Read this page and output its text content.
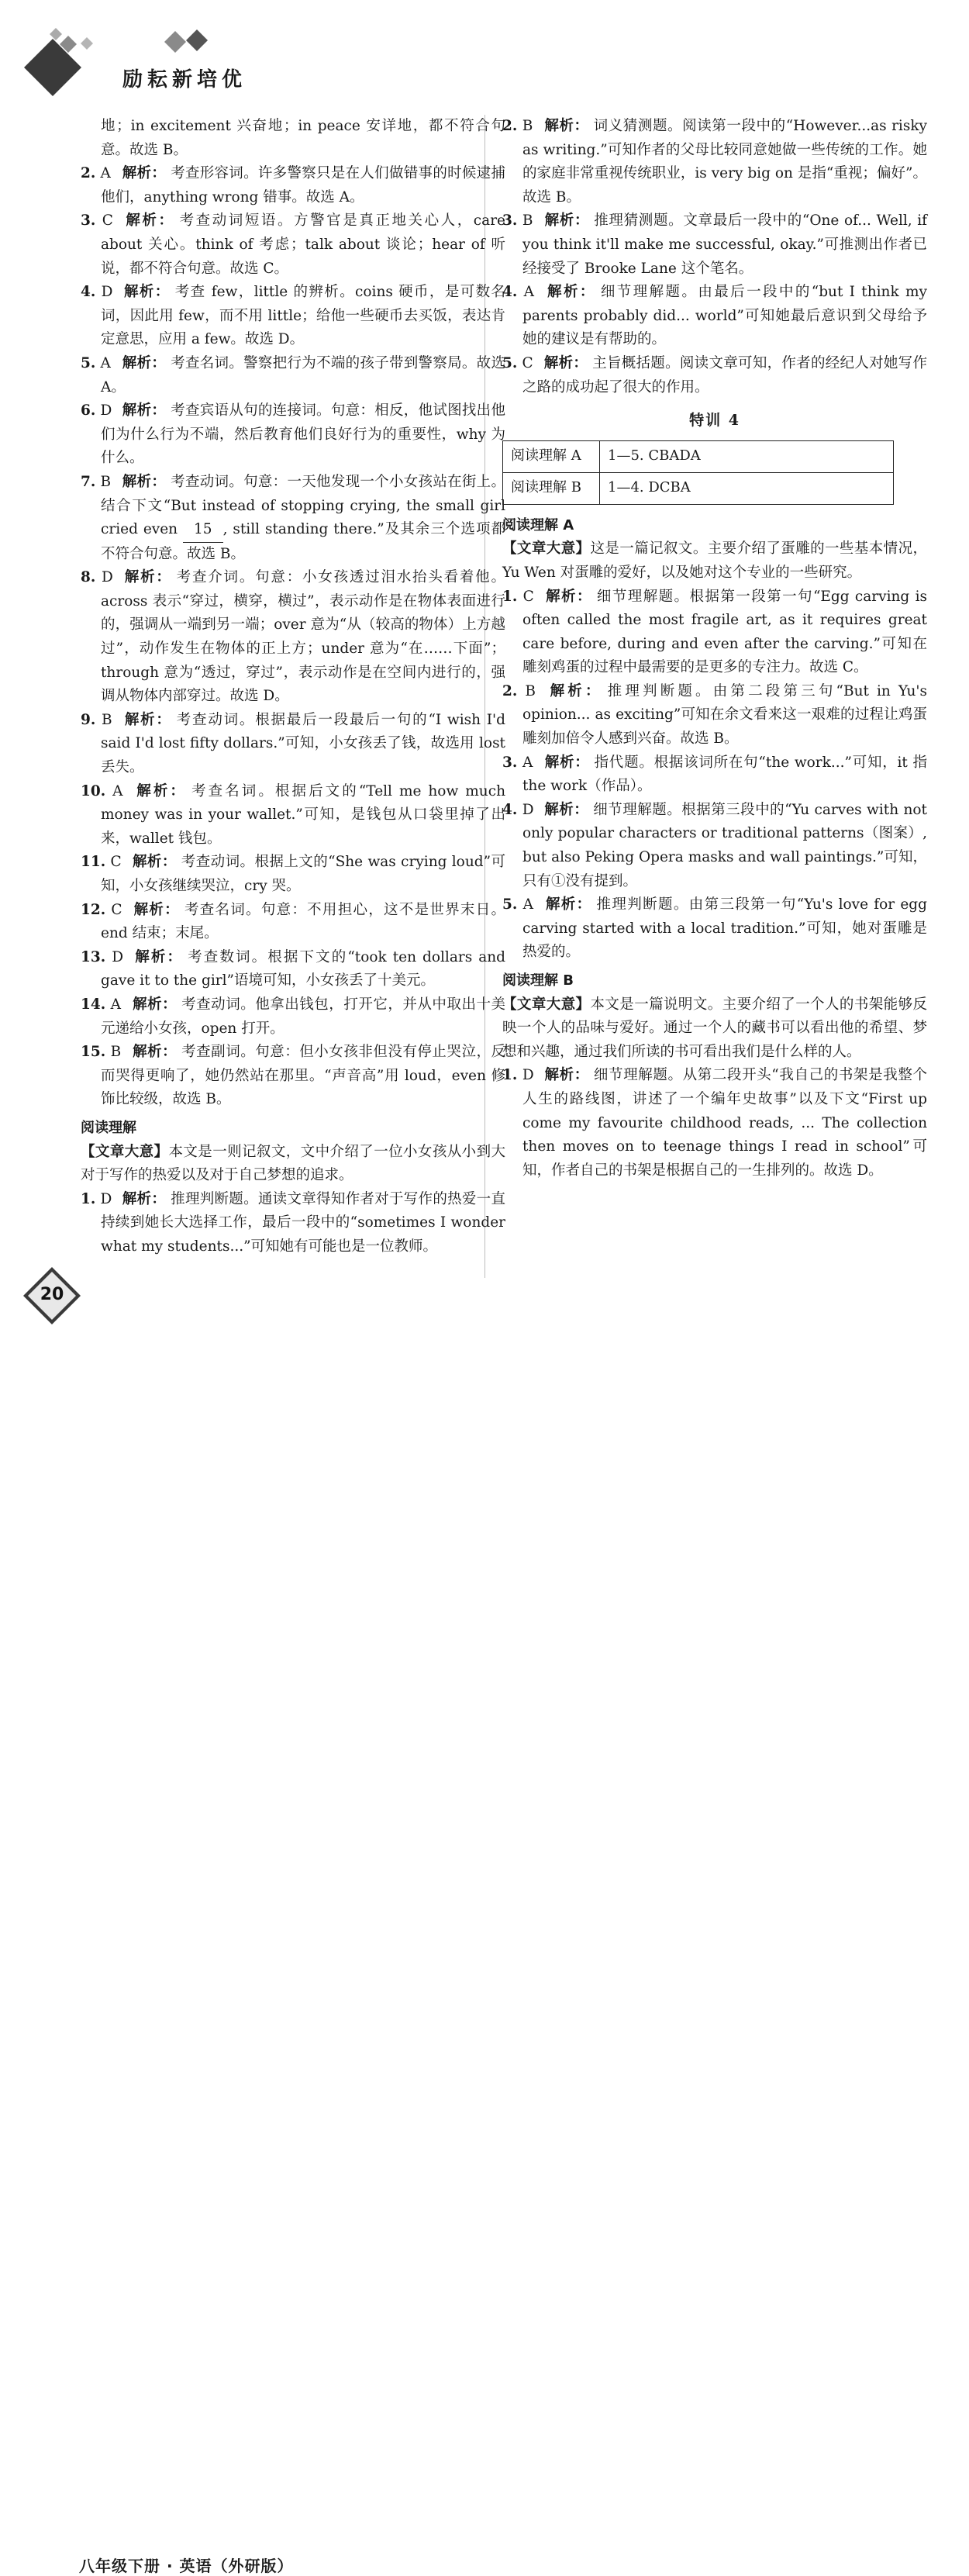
励耘新培优

地；in excitement 兴奋地；in peace 安详地，都不符合句意。故选 B。

2. A 解析： 考查形容词。许多警察只是在人们做错事的时候逮捕他们，anything wrong 错事。故选 A。

3. C 解析： 考查动词短语。方警官是真正地关心人，care about 关心。think of 考虑；talk about 谈论；hear of 听说，都不符合句意。故选 C。

4. D 解析： 考查 few，little 的辨析。coins 硬币，是可数名词，因此用 few，而不用 little；给他一些硬币去买饭，表达肯定意思，应用 a few。故选 D。

5. A 解析： 考查名词。警察把行为不端的孩子带到警察局。故选 A。

6. D 解析： 考查宾语从句的连接词。句意：相反，他试图找出他们为什么行为不端，然后教育他们良好行为的重要性，why 为什么。

7. B 解析： 考查动词。句意：一天他发现一个小女孩站在街上。结合下文“But instead of stopping crying, the small girl cried even 15 , still standing there.”及其余三个选项都不符合句意。故选 B。

8. D 解析： 考查介词。句意：小女孩透过泪水抬头看着他。across 表示“穿过，横穿，横过”，表示动作是在物体表面进行的，强调从一端到另一端；over 意为“从（较高的物体）上方越过”，动作发生在物体的正上方；under 意为“在……下面”；through 意为“透过，穿过”，表示动作是在空间内进行的，强调从物体内部穿过。故选 D。

9. B 解析： 考查动词。根据最后一段最后一句的“I wish I'd said I'd lost fifty dollars.”可知，小女孩丢了钱，故选用 lost 丢失。

10. A 解析： 考查名词。根据后文的“Tell me how much money was in your wallet.”可知，是钱包从口袋里掉了出来，wallet 钱包。

11. C 解析： 考查动词。根据上文的“She was crying loud”可知，小女孩继续哭泣，cry 哭。

12. C 解析： 考查名词。句意：不用担心，这不是世界末日。end 结束；末尾。

13. D 解析： 考查数词。根据下文的“took ten dollars and gave it to the girl”语境可知，小女孩丢了十美元。

14. A 解析： 考查动词。他拿出钱包，打开它，并从中取出十美元递给小女孩，open 打开。

15. B 解析： 考查副词。句意：但小女孩非但没有停止哭泣，反而哭得更响了，她仍然站在那里。“声音高”用 loud，even 修饰比较级，故选 B。

阅读理解

【文章大意】本文是一则记叙文，文中介绍了一位小女孩从小到大对于写作的热爱以及对于自己梦想的追求。

1. D 解析： 推理判断题。通读文章得知作者对于写作的热爱一直持续到她长大选择工作，最后一段中的“sometimes I wonder what my students...”可知她有可能也是一位教师。

2. B 解析： 词义猜测题。阅读第一段中的“However...as risky as writing.”可知作者的父母比较同意她做一些传统的工作。她的家庭非常重视传统职业，is very big on 是指“重视；偏好”。故选 B。

3. B 解析： 推理猜测题。文章最后一段中的“One of... Well, if you think it'll make me successful, okay.”可推测出作者已经接受了 Brooke Lane 这个笔名。

4. A 解析： 细节理解题。由最后一段中的“but I think my parents probably did... world”可知她最后意识到父母给予她的建议是有帮助的。

5. C 解析： 主旨概括题。阅读文章可知，作者的经纪人对她写作之路的成功起了很大的作用。

特训 4
阅读理解 A	1—5. CBADA
阅读理解 B	1—4. DCBA
阅读理解 A

【文章大意】这是一篇记叙文。主要介绍了蛋雕的一些基本情况，Yu Wen 对蛋雕的爱好，以及她对这个专业的一些研究。

1. C 解析： 细节理解题。根据第一段第一句“Egg carving is often called the most fragile art, as it requires great care before, during and even after the carving.”可知在雕刻鸡蛋的过程中最需要的是更多的专注力。故选 C。

2. B 解析： 推理判断题。由第二段第三句“But in Yu's opinion... as exciting”可知在余文看来这一艰难的过程让鸡蛋雕刻加倍令人感到兴奋。故选 B。

3. A 解析： 指代题。根据该词所在句“the work...”可知，it 指 the work（作品）。

4. D 解析： 细节理解题。根据第三段中的“Yu carves with not only popular characters or traditional patterns（图案）, but also Peking Opera masks and wall paintings.”可知，只有①没有提到。

5. A 解析： 推理判断题。由第三段第一句“Yu's love for egg carving started with a local tradition.”可知，她对蛋雕是热爱的。

阅读理解 B

【文章大意】本文是一篇说明文。主要介绍了一个人的书架能够反映一个人的品味与爱好。通过一个人的藏书可以看出他的希望、梦想和兴趣，通过我们所读的书可看出我们是什么样的人。

1. D 解析： 细节理解题。从第二段开头“我自己的书架是我整个人生的路线图，讲述了一个编年史故事”以及下文“First up come my favourite childhood reads, ... The collection then moves on to teenage things I read in school”可知，作者自己的书架是根据自己的一生排列的。故选 D。

20
八年级下册 · 英语（外研版）
